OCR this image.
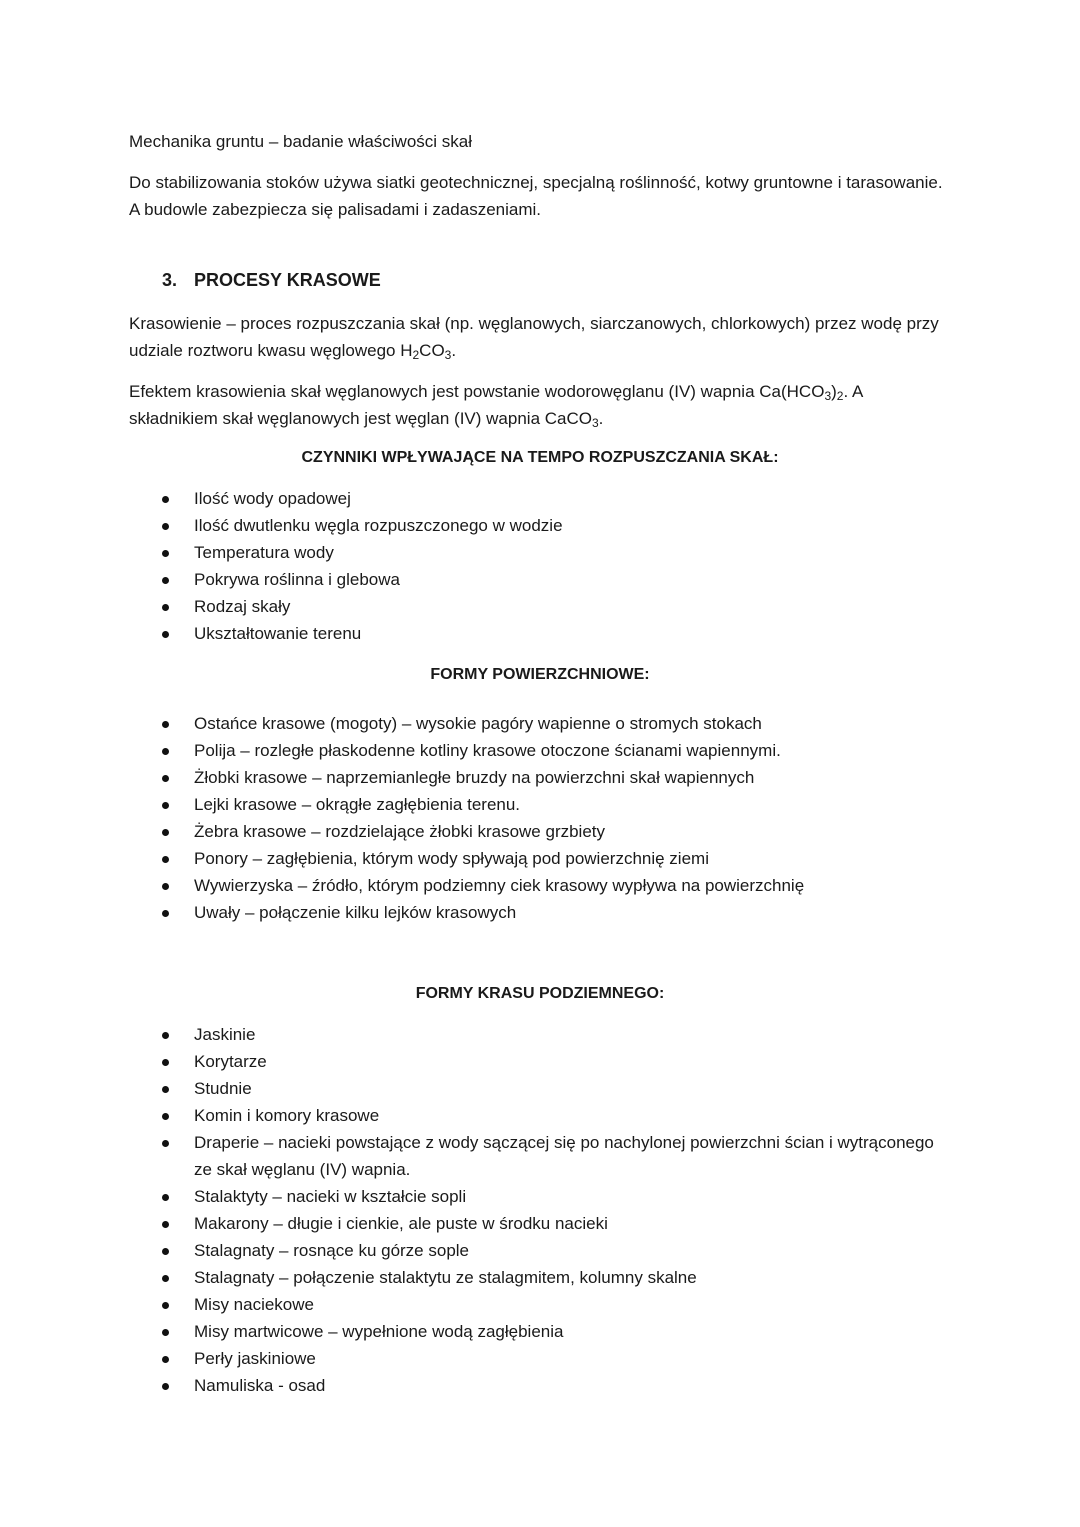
Mechanika gruntu – badanie właściwości skał

Do stabilizowania stoków używa siatki geotechnicznej, specjalną roślinność, kotwy gruntowne i tarasowanie. A budowle zabezpiecza się palisadami i zadaszeniami.

3. PROCESY KRASOWE

Krasowienie – proces rozpuszczania skał (np. węglanowych, siarczanowych, chlorkowych) przez wodę przy udziale roztworu kwasu węglowego $H_2CO_3$.

Efektem krasowienia skał węglanowych jest powstanie wodorowęglanu (IV) wapnia $Ca(HCO_3)_2$. A składnikiem skał węglanowych jest węglan (IV) wapnia CaCO$_3$.

CZYNNIKI WPŁYWAJĄCE NA TEMPO ROZPUSZCZANIA SKAŁ:
Ilość wody opadowej
Ilość dwutlenku węgla rozpuszczonego w wodzie
Temperatura wody
Pokrywa roślinna i glebowa
Rodzaj skały
Ukształtowanie terenu
FORMY POWIERZCHNIOWE:
Ostańce krasowe (mogoty) – wysokie pagóry wapienne o stromych stokach
Polija – rozległe płaskodenne kotliny krasowe otoczone ścianami wapiennymi.
Żłobki krasowe – naprzemianległe bruzdy na powierzchni skał wapiennych
Lejki krasowe – okrągłe zagłębienia terenu.
Żebra krasowe – rozdzielające żłobki krasowe grzbiety
Ponory – zagłębienia, którym wody spływają pod powierzchnię ziemi
Wywierzyska – źródło, którym podziemny ciek krasowy wypływa na powierzchnię
Uwały – połączenie kilku lejków krasowych
FORMY KRASU PODZIEMNEGO:
Jaskinie
Korytarze
Studnie
Komin i komory krasowe
Draperie – nacieki powstające z wody sączącej się po nachylonej powierzchni ścian i wytrąconego ze skał węglanu (IV) wapnia.
Stalaktyty – nacieki w kształcie sopli
Makarony – długie i cienkie, ale puste w środku nacieki
Stalagnaty – rosnące ku górze sople
Stalagnaty – połączenie stalaktytu ze stalagmitem, kolumny skalne
Misy naciekowe
Misy martwicowe – wypełnione wodą zagłębienia
Perły jaskiniowe
Namuliska - osad
